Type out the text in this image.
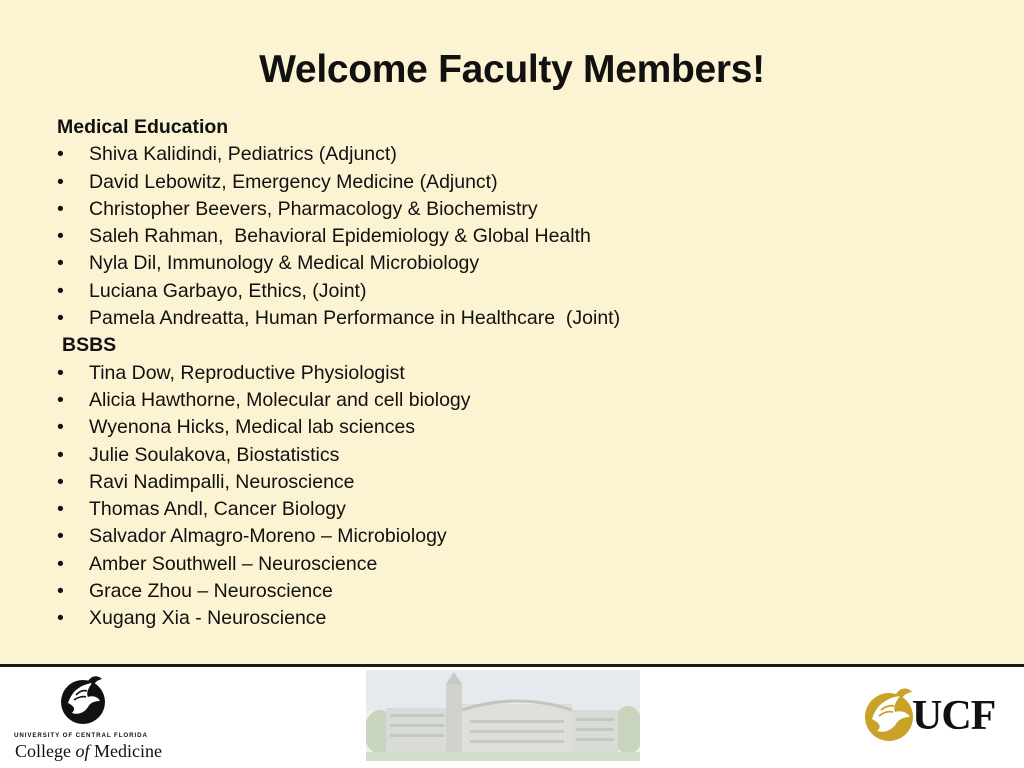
Welcome Faculty Members!
Medical Education
•	Shiva Kalidindi, Pediatrics (Adjunct)
•	David Lebowitz, Emergency Medicine (Adjunct)
•	Christopher Beevers, Pharmacology & Biochemistry
•	Saleh Rahman,  Behavioral Epidemiology & Global Health
•	Nyla Dil, Immunology & Medical Microbiology
•	Luciana Garbayo, Ethics, (Joint)
•	Pamela Andreatta, Human Performance in Healthcare  (Joint)
BSBS
•	Tina Dow, Reproductive Physiologist
•	Alicia Hawthorne, Molecular and cell biology
•	Wyenona Hicks, Medical lab sciences
•	Julie Soulakova, Biostatistics
•	Ravi Nadimpalli, Neuroscience
•	Thomas Andl, Cancer Biology
•	Salvador Almagro-Moreno – Microbiology
•	Amber Southwell – Neuroscience
•	Grace Zhou – Neuroscience
•	Xugang Xia - Neuroscience
UNIVERSITY OF CENTRAL FLORIDA
College of Medicine
UCF
